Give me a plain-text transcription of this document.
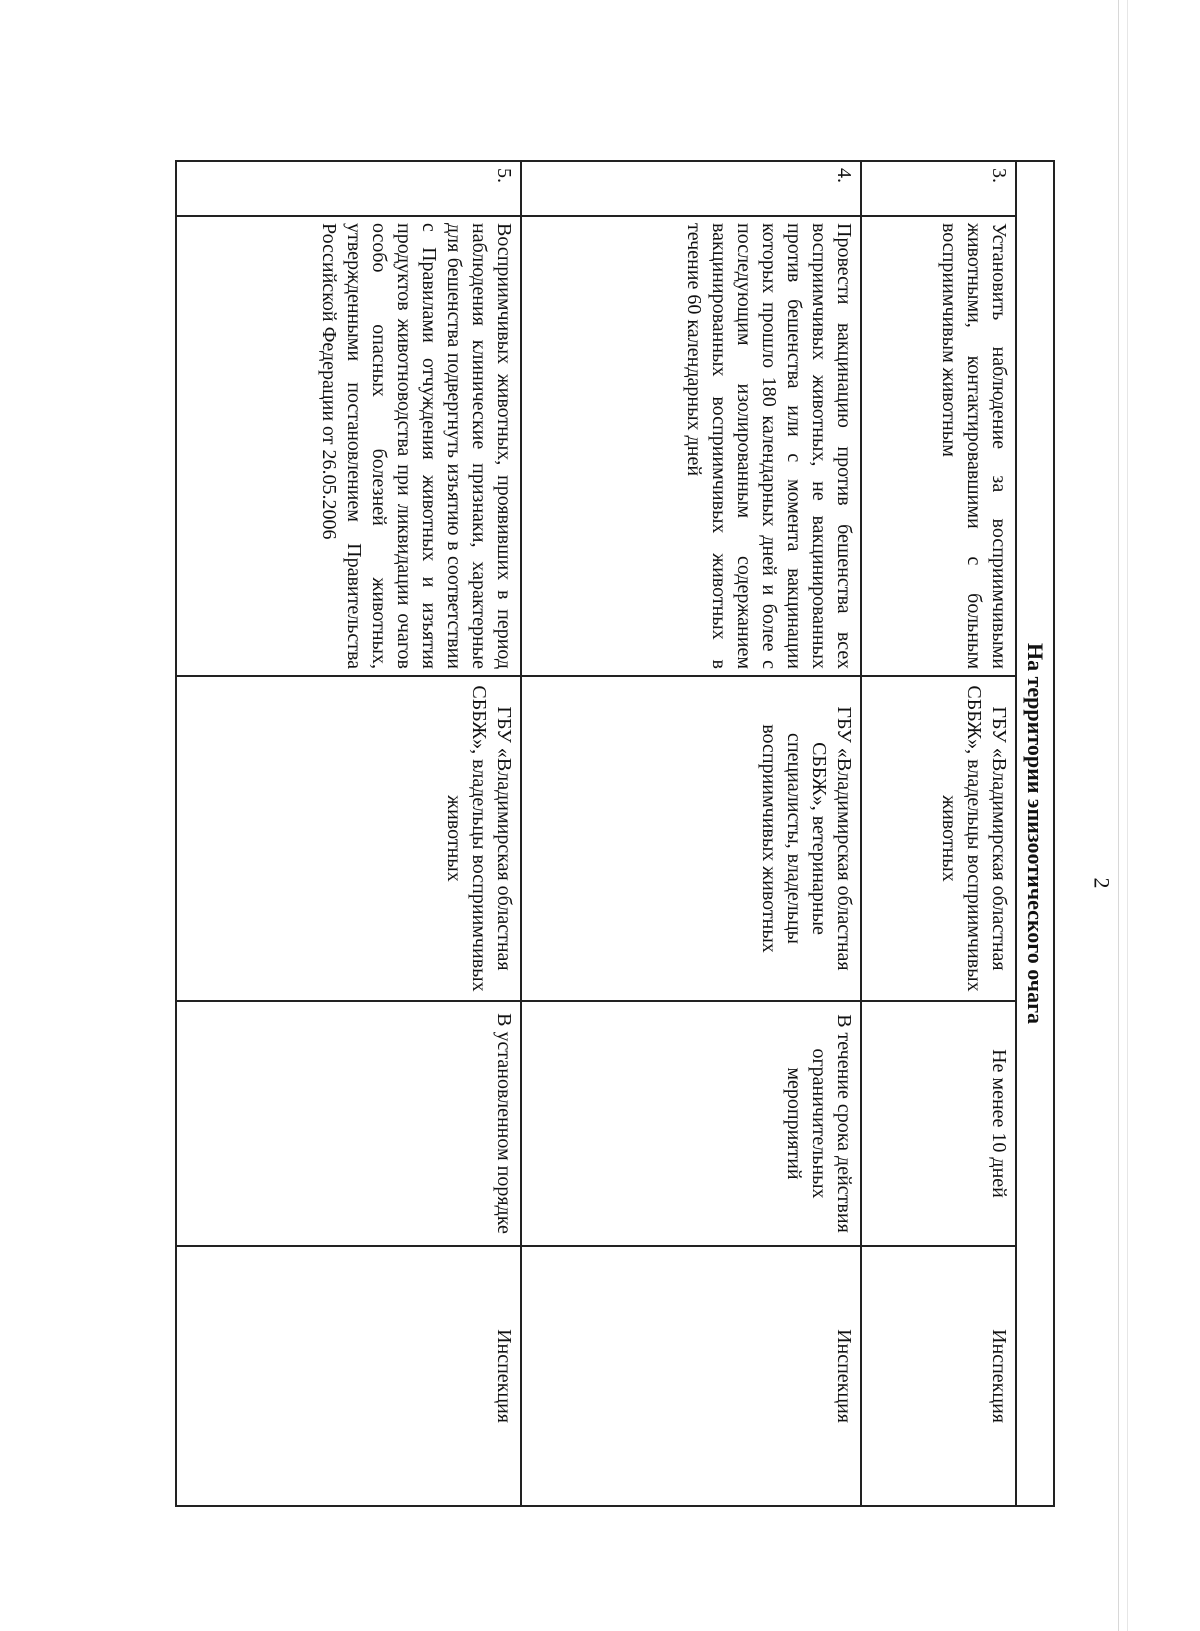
2
На территории эпизоотического очага				
3.	Установить наблюдение за восприимчивыми животными, контактировавшими с больным восприимчивым животным	ГБУ «Владимирская областная СББЖ», владельцы восприимчивых животных	Не менее 10 дней	Инспекция
4.	Провести вакцинацию против бешенства всех восприимчивых животных, не вакцинированных против бешенства или с момента вакцинации которых прошло 180 календарных дней и более с последующим изолированным содержанием вакцинированных восприимчивых животных в течение 60 календарных дней	ГБУ «Владимирская областная СББЖ», ветеринарные специалисты, владельцы восприимчивых животных	В течение срока действия ограничительных мероприятий	Инспекция
5.	Восприимчивых животных, проявивших в период наблюдения клинические признаки, характерные для бешенства подвергнуть изъятию в соответствии с Правилами отчуждения животных и изъятия продуктов животноводства при ликвидации очагов особо опасных болезней животных, утвержденными постановлением Правительства Российской Федерации от 26.05.2006	ГБУ «Владимирская областная СББЖ», владельцы восприимчивых животных	В установленном порядке	Инспекция
